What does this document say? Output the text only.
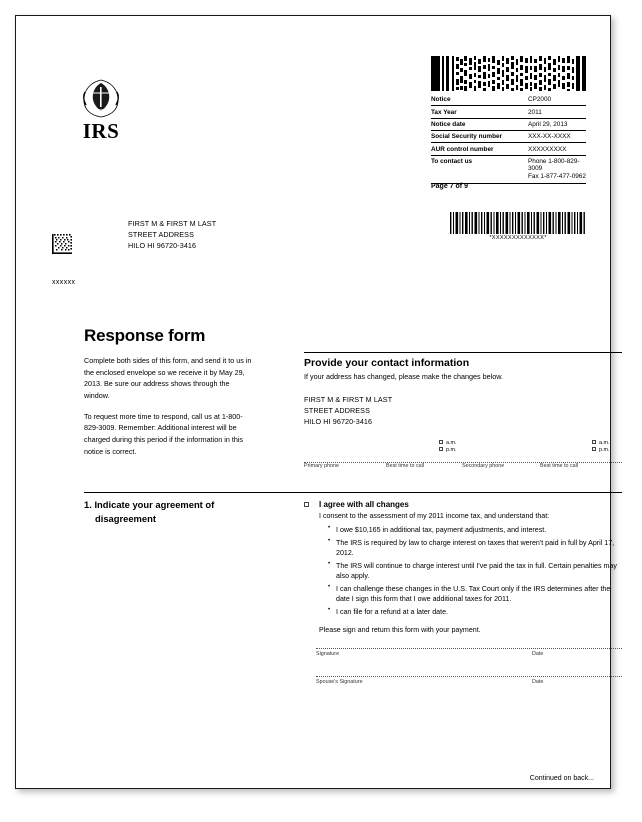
IRS
Notice	CP2000
Tax Year	2011
Notice date	April 29, 2013
Social Security number	XXX-XX-XXXX
AUR control number	XXXXXXXXX
To contact us	Phone 1-800-829-3009
	Fax 1-877-477-0962
Page 7 of 9
FIRST M & FIRST M LAST
STREET ADDRESS
HILO HI 96720-3416
xxxxxx
*XXXXXXXXXXXXX*
Response form

Complete both sides of this form, and send it to us in the enclosed envelope so we receive it by May 29, 2013. Be sure our address shows through the window.

To request more time to respond, call us at 1-800-829-3009. Remember: Additional interest will be charged during this period if the information in this notice is correct.

Provide your contact information
If your address has changed, please make the changes below.
FIRST M & FIRST M LAST
STREET ADDRESS
HILO HI 96720-3416
a.m.
p.m.
a.m.
p.m.
Primary phone	Best time to call	Secondary phone	Best time to call
1. Indicate your agreement of
disagreement
I agree with all changes
I consent to the assessment of my 2011 income tax, and understand that:
• I owe $10,165 in additional tax, payment adjustments, and interest.
• The IRS is required by law to charge interest on taxes that weren't paid in full by April 17, 2012.
• The IRS will continue to charge interest until I've paid the tax in full. Certain penalties may also apply.
• I can challenge these changes in the U.S. Tax Court only if the IRS determines after the date I sign this form that I owe additional taxes for 2011.
• I can file for a refund at a later date.
Please sign and return this form with your payment.
Signature	Date
Spouse's Signature	Date
Continued on back...
